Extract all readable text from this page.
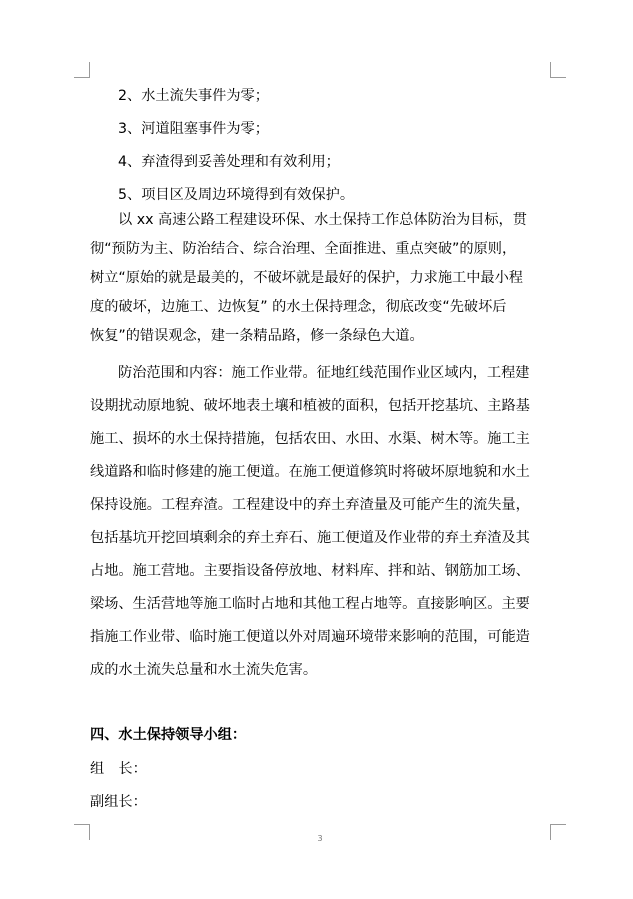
2、水土流失事件为零；
3、河道阻塞事件为零；
4、弃渣得到妥善处理和有效利用；
5、项目区及周边环境得到有效保护。
以 xx 高速公路工程建设环保、水土保持工作总体防治为目标，贯
彻“预防为主、防治结合、综合治理、全面推进、重点突破”的原则，
树立“原始的就是最美的，不破坏就是最好的保护，力求施工中最小程
度的破坏，边施工、边恢复” 的水土保持理念，彻底改变“先破坏后
恢复”的错误观念，建一条精品路，修一条绿色大道。
防治范围和内容：施工作业带。征地红线范围作业区域内，工程建
设期扰动原地貌、破坏地表土壤和植被的面积，包括开挖基坑、主路基
施工、损坏的水土保持措施，包括农田、水田、水渠、树木等。施工主
线道路和临时修建的施工便道。在施工便道修筑时将破坏原地貌和水土
保持设施。工程弃渣。工程建设中的弃土弃渣量及可能产生的流失量，
包括基坑开挖回填剩余的弃土弃石、施工便道及作业带的弃土弃渣及其
占地。施工营地。主要指设备停放地、材料库、拌和站、钢筋加工场、
梁场、生活营地等施工临时占地和其他工程占地等。直接影响区。主要
指施工作业带、临时施工便道以外对周遍环境带来影响的范围，可能造
成的水土流失总量和水土流失危害。
四、水土保持领导小组：
组　长：
副组长：
3
